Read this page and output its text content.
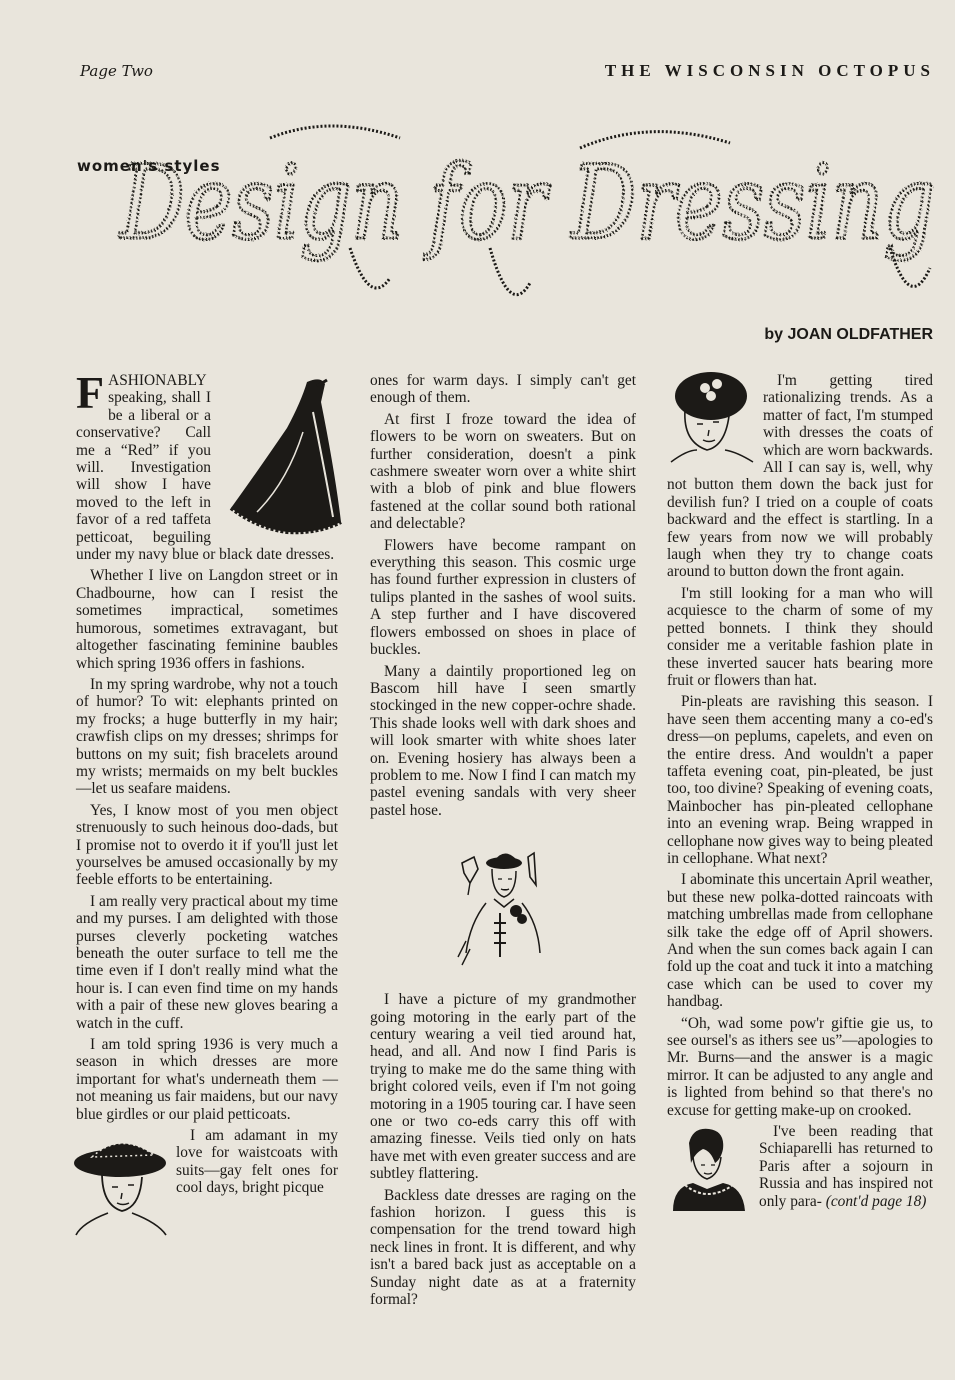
Page Two	THE WISCONSIN OCTOPUS
women's styles
Design for Dressing
by JOAN OLDFATHER

FASHIONABLY speaking, shall I be a liberal or a conservative? Call me a “Red” if you will. Investigation will show I have moved to the left in favor of a red taffeta petticoat, beguiling under my navy blue or black date dresses.

Whether I live on Langdon street or in Chadbourne, how can I resist the sometimes impractical, sometimes humorous, sometimes extravagant, but altogether fascinating feminine baubles which spring 1936 offers in fashions.

In my spring wardrobe, why not a touch of humor? To wit: elephants printed on my frocks; a huge butterfly in my hair; crawfish clips on my dresses; shrimps for buttons on my suit; fish bracelets around my wrists; mermaids on my belt buckles—let us seafare maidens.

Yes, I know most of you men object strenuously to such heinous doo-dads, but I promise not to overdo it if you'll just let yourselves be amused occasionally by my feeble efforts to be entertaining.

I am really very practical about my time and my purses. I am delighted with those purses cleverly pocketing watches beneath the outer surface to tell me the time even if I don't really mind what the hour is. I can even find time on my hands with a pair of these new gloves bearing a watch in the cuff.

I am told spring 1936 is very much a season in which dresses are more important for what's underneath them —not meaning us fair maidens, but our navy blue girdles or our plaid petticoats.

I am adamant in my love for waistcoats with suits—gay felt ones for cool days, bright picque

ones for warm days. I simply can't get enough of them.

At first I froze toward the idea of flowers to be worn on sweaters. But on further consideration, doesn't a pink cashmere sweater worn over a white shirt with a blob of pink and blue flowers fastened at the collar sound both rational and delectable?

Flowers have become rampant on everything this season. This cosmic urge has found further expression in clusters of tulips planted in the sashes of wool suits. A step further and I have discovered flowers embossed on shoes in place of buckles.

Many a daintily proportioned leg on Bascom hill have I seen smartly stockinged in the new copper-ochre shade. This shade looks well with dark shoes and will look smarter with white shoes later on. Evening hosiery has always been a problem to me. Now I find I can match my pastel evening sandals with very sheer pastel hose.

I have a picture of my grandmother going motoring in the early part of the century wearing a veil tied around hat, head, and all. And now I find Paris is trying to make me do the same thing with bright colored veils, even if I'm not going motoring in a 1905 touring car. I have seen one or two co-eds carry this off with amazing finesse. Veils tied only on hats have met with even greater success and are subtley flattering.

Backless date dresses are raging on the fashion horizon. I guess this is compensation for the trend toward high neck lines in front. It is different, and why isn't a bared back just as acceptable on a Sunday night date as at a fraternity formal?

I'm getting tired rationalizing trends. As a matter of fact, I'm stumped with dresses the coats of which are worn backwards. All I can say is, well, why not button them down the back just for devilish fun? I tried on a couple of coats backward and the effect is startling. In a few years from now we will probably laugh when they try to change coats around to button down the front again.

I'm still looking for a man who will acquiesce to the charm of some of my petted bonnets. I think they should consider me a veritable fashion plate in these inverted saucer hats bearing more fruit or flowers than hat.

Pin-pleats are ravishing this season. I have seen them accenting many a co-ed's dress—on peplums, capelets, and even on the entire dress. And wouldn't a paper taffeta evening coat, pin-pleated, be just too, too divine? Speaking of evening coats, Mainbocher has pin-pleated cellophane into an evening wrap. Being wrapped in cellophane now gives way to being pleated in cellophane. What next?

I abominate this uncertain April weather, but these new polka-dotted raincoats with matching umbrellas made from cellophane silk take the edge off of April showers. And when the sun comes back again I can fold up the coat and tuck it into a matching case which can be used to cover my handbag.

“Oh, wad some pow'r giftie gie us, to see oursel's as ithers see us”—apologies to Mr. Burns—and the answer is a magic mirror. It can be adjusted to any angle and is lighted from behind so that there's no excuse for getting make-up on crooked.

I've been reading that Schiaparelli has returned to Paris after a sojourn in Russia and has inspired not only para- (cont'd page 18)
